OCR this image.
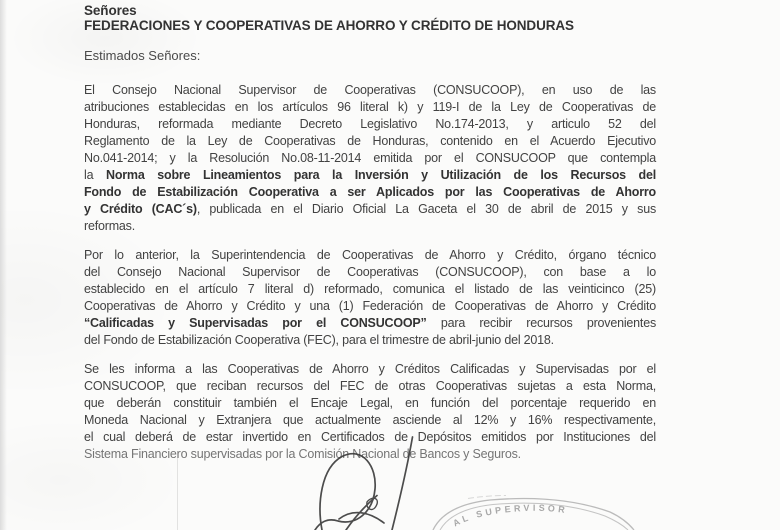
Señores
FEDERACIONES Y COOPERATIVAS DE AHORRO Y CRÉDITO DE HONDURAS
Estimados Señores:
El Consejo Nacional Supervisor de Cooperativas (CONSUCOOP), en uso de las
atribuciones establecidas en los artículos 96 literal k) y 119-I de la Ley de Cooperativas de
Honduras, reformada mediante Decreto Legislativo No.174-2013, y articulo 52 del
Reglamento de la Ley de Cooperativas de Honduras, contenido en el Acuerdo Ejecutivo
No.041-2014; y la Resolución No.08-11-2014 emitida por el CONSUCOOP que contempla
la Norma sobre Lineamientos para la Inversión y Utilización de los Recursos del
Fondo de Estabilización Cooperativa a ser Aplicados por las Cooperativas de Ahorro
y Crédito (CAC´s), publicada en el Diario Oficial La Gaceta el 30 de abril de 2015 y sus
reformas.
Por lo anterior, la Superintendencia de Cooperativas de Ahorro y Crédito, órgano técnico
del Consejo Nacional Supervisor de Cooperativas (CONSUCOOP), con base a lo
establecido en el artículo 7 literal d) reformado, comunica el listado de las veinticinco (25)
Cooperativas de Ahorro y Crédito y una (1) Federación de Cooperativas de Ahorro y Crédito
“Calificadas y Supervisadas por el CONSUCOOP” para recibir recursos provenientes
del Fondo de Estabilización Cooperativa (FEC), para el trimestre de abril-junio del 2018.
Se les informa a las Cooperativas de Ahorro y Créditos Calificadas y Supervisadas por el
CONSUCOOP, que reciban recursos del FEC de otras Cooperativas sujetas a esta Norma,
que deberán constituir también el Encaje Legal, en función del porcentaje requerido en
Moneda Nacional y Extranjera que actualmente asciende al 12% y 16% respectivamente,
el cual deberá de estar invertido en Certificados de Depósitos emitidos por Instituciones del
Sistema Financiero supervisadas por la Comisión Nacional de Bancos y Seguros.
AL SUPERVISOR
